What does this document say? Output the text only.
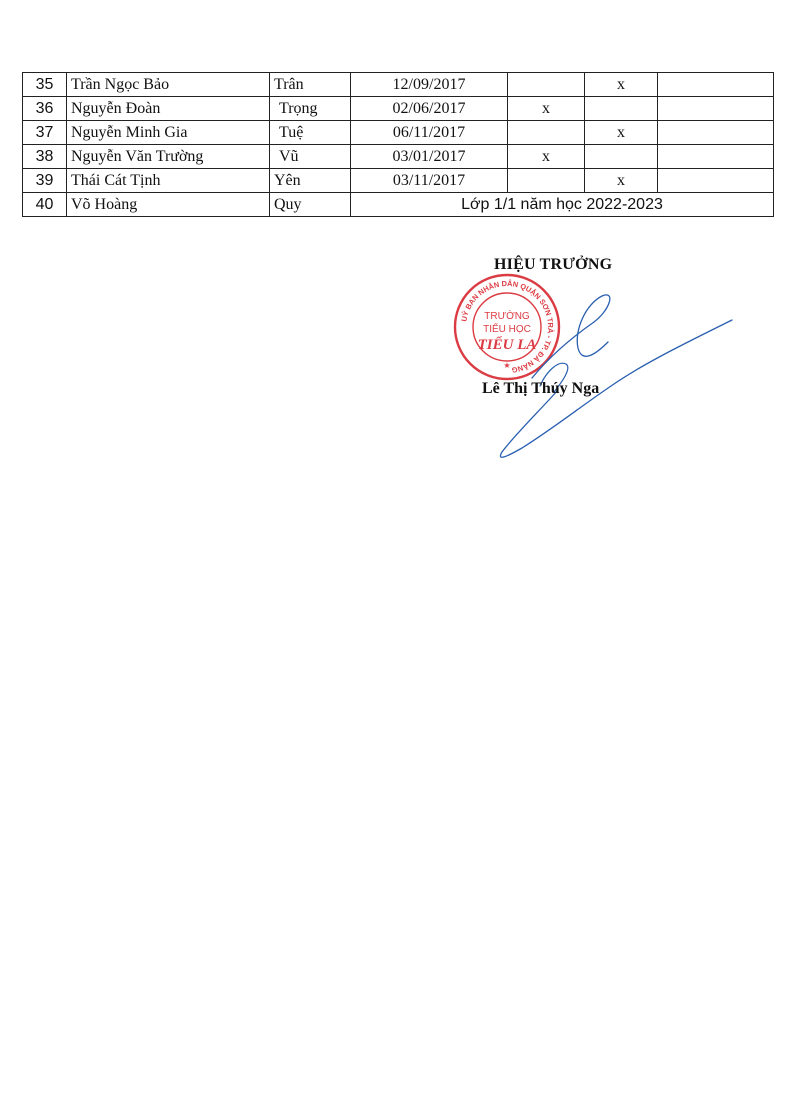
35	Trần Ngọc Bảo	Trân	12/09/2017		x	
36	Nguyễn Đoàn	Trọng	02/06/2017	x		
37	Nguyễn Minh Gia	Tuệ	06/11/2017		x	
38	Nguyễn Văn Trường	Vũ	03/01/2017	x		
39	Thái Cát Tịnh	Yên	03/11/2017		x	
40	Võ Hoàng	Quy	Lớp 1/1 năm học 2022-2023			
HIỆU TRƯỞNG
UỶ BAN NHÂN DÂN QUẬN SƠN TRÀ - TP. ĐÀ NẴNG
TRƯỜNG
TIỂU HỌC
TIỂU LA
★
Lê Thị Thúy Nga
